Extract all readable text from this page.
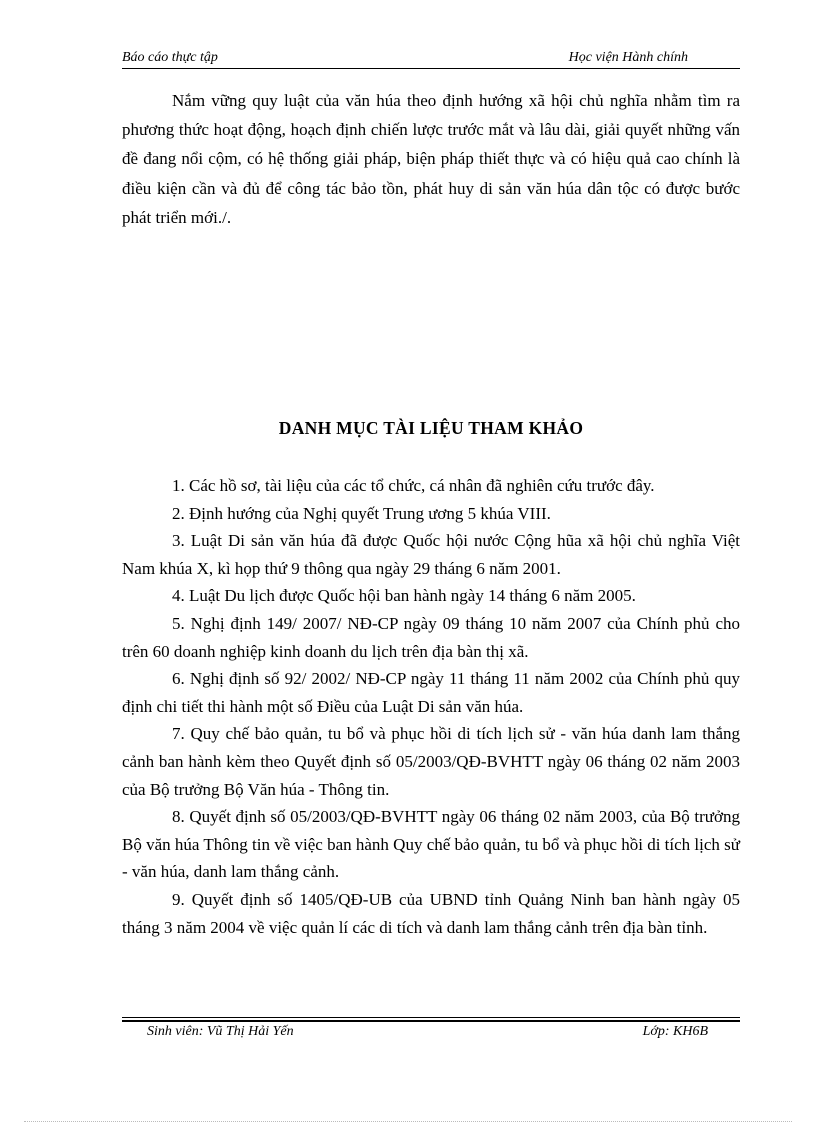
Báo cáo thực tập	Học viện Hành chính

Nắm vững quy luật của văn húa theo định hướng xã hội chủ nghĩa nhằm tìm ra phương thức hoạt động, hoạch định chiến lược trước mắt và lâu dài, giải quyết những vấn đề đang nổi cộm, có hệ thống giải pháp, biện pháp thiết thực và có hiệu quả cao chính là điều kiện cần và đủ để công tác bảo tồn, phát huy di sản văn húa dân tộc có được bước phát triển mới./.

DANH MỤC TÀI LIỆU THAM KHẢO

1. Các hồ sơ, tài liệu của các tổ chức, cá nhân đã nghiên cứu trước đây.

2. Định hướng của Nghị quyết Trung ương 5 khúa VIII.

3. Luật Di sản văn húa đã được Quốc hội nước Cộng hũa xã hội chủ nghĩa Việt Nam khúa X, kì họp thứ 9 thông qua ngày 29 tháng 6 năm 2001.

4. Luật Du lịch được Quốc hội ban hành ngày 14 tháng 6 năm 2005.

5. Nghị định 149/ 2007/ NĐ-CP ngày 09 tháng 10 năm 2007 của Chính phủ cho trên 60 doanh nghiệp kinh doanh du lịch trên địa bàn thị xã.

6. Nghị định số 92/ 2002/ NĐ-CP ngày 11 tháng 11 năm 2002 của Chính phủ quy định chi tiết thi hành một số Điều của Luật Di sản văn húa.

7. Quy chế bảo quản, tu bổ và phục hồi di tích lịch sử - văn húa danh lam thắng cảnh ban hành kèm theo Quyết định số 05/2003/QĐ-BVHTT ngày 06 tháng 02 năm 2003 của Bộ trưởng Bộ Văn húa - Thông tin.

8. Quyết định số 05/2003/QĐ-BVHTT ngày 06 tháng 02 năm 2003, của Bộ trưởng Bộ văn húa Thông tin về việc ban hành Quy chế bảo quản, tu bổ và phục hồi di tích lịch sử - văn húa, danh lam thắng cảnh.

9. Quyết định số 1405/QĐ-UB của UBND tỉnh Quảng Ninh ban hành ngày 05 tháng 3 năm 2004 về việc quản lí các di tích và danh lam thắng cảnh trên địa bàn tỉnh.

Sinh viên: Vũ Thị Hải Yến	Lớp: KH6B
